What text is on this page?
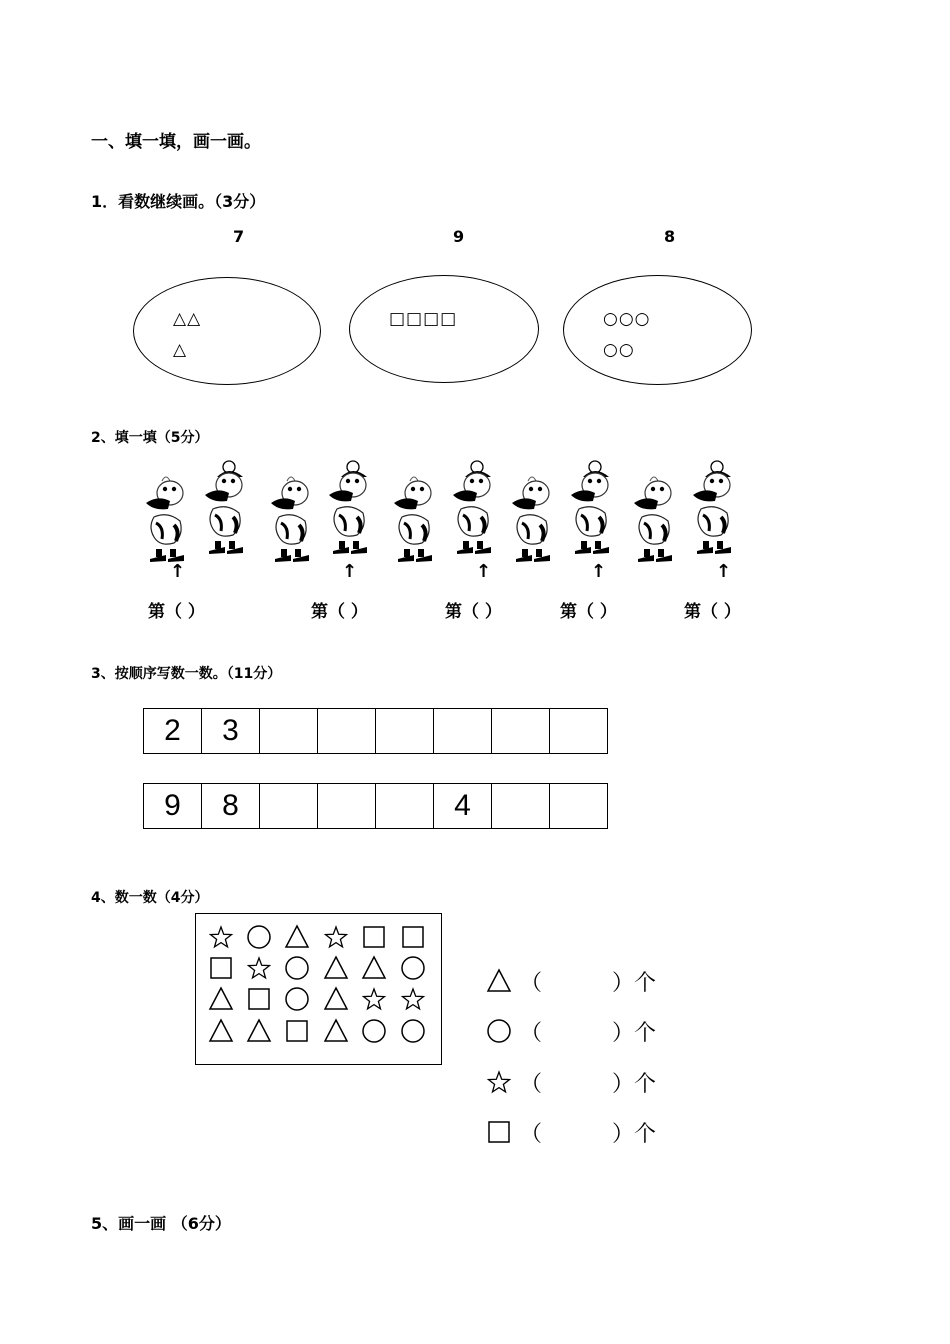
一、填一填，画一画。
1．看数继续画。（3分）
7	9	8
△△
△
□□□□	○○○
○○
2、填一填（5分）
↑	↑	↑	↑	↑
第（ ）	第（ ）	第（ ）	第（ ）	第（ ）
3、按顺序写数一数。（11分）
2	3						
9	8				4		
4、数一数（4分）
（	）个
（	）个
（	）个
（	）个
5、画一画 （6分）
